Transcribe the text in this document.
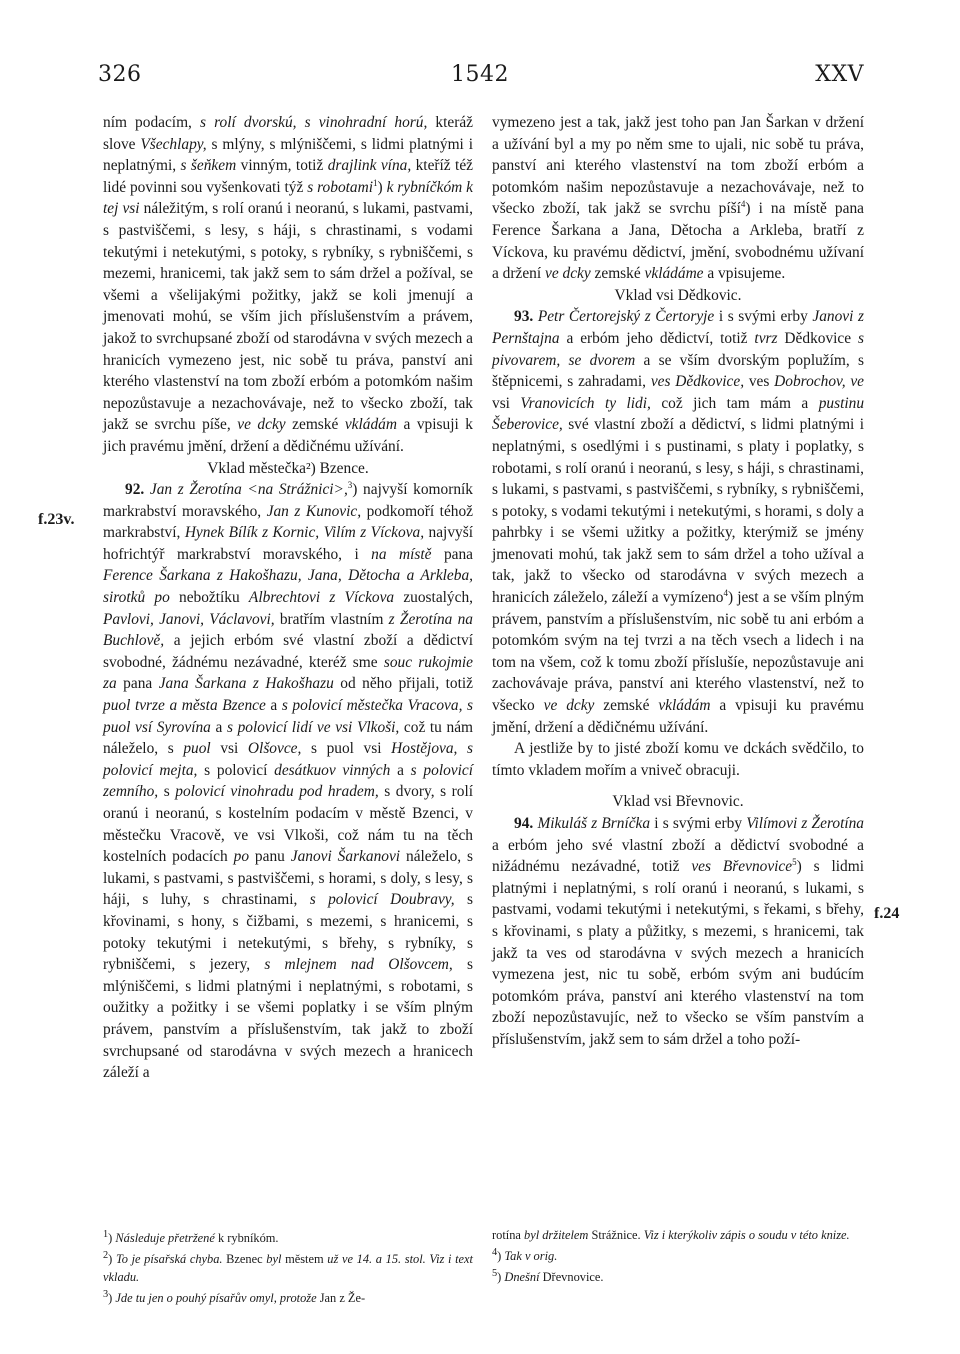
326	1542	XXV
f.23v.
f.24

ním podacím, s rolí dvorskú, s vinohradní horú, kteráž slove Všechlapy, s mlýny, s mlýniščemi, s lidmi platnými i neplatnými, s šeňkem vinným, totiž drajlink vína, kteříž též lidé povinni sou vyšenkovati týž s robotami$^1$) k rybníčkóm k tej vsi náležitým, s rolí oranú i neoranú, s lukami, pastvami, s pastviščemi, s lesy, s háji, s chrastinami, s vodami tekutými i netekutými, s potoky, s rybníky, s rybniščemi, s mezemi, hranicemi, tak jakž sem to sám držel a požíval, se všemi a všelijakými požitky, jakž se koli jmenují a jmenovati mohú, se vším jich příslušenstvím a právem, jakož to svrchupsané zboží od starodávna v svých mezech a hranicích vymezeno jest, nic sobě tu práva, panství ani kterého vlastenství na tom zboží erbóm a potomkóm našim nepozůstavuje a nezachovávaje, než to všecko zboží, tak jakž se svrchu píše, ve dcky zemské vkládám a vpisuji k jich pravému jmění, držení a dědičnému užívání.

Vklad městečka²) Bzence.

92. Jan z Žerotína <na Strážnici>,$^3$) najvyší komorník markrabství moravského, Jan z Kunovic, podkomoří téhož markrabství, Hynek Bílík z Kornic, Vilím z Víckova, najvyší hofrichtýř markrabství moravského, i na místě pana Ference Šarkana z Hakošhazu, Jana, Dětocha a Arkleba, sirotků po nebožtíku Albrechtovi z Víckova zuostalých, Pavlovi, Janovi, Václavovi, bratřím vlastním z Žerotína na Buchlově, a jejich erbóm své vlastní zboží a dědictví svobodné, žádnému nezávadné, kteréž sme souc rukojmie za pana Jana Šarkana z Hakošhazu od něho přijali, totiž puol tvrze a města Bzence a s polovicí městečka Vracova, s puol vsí Syrovína a s polovicí lidí ve vsi Vlkoši, což tu nám náleželo, s puol vsi Olšovce, s puol vsi Hostějova, s polovicí mejta, s polovicí desátkuov vinných a s polovicí zemního, s polovicí vinohradu pod hradem, s dvory, s rolí oranú i neoranú, s kostelním podacím v městě Bzenci, v městečku Vracově, ve vsi Vlkoši, což nám tu na těch kostelních podacích po panu Janovi Šarkanovi náleželo, s lukami, s pastvami, s pastviščemi, s horami, s doly, s lesy, s háji, s luhy, s chrastinami, s polovicí Doubravy, s křovinami, s hony, s čižbami, s mezemi, s hranicemi, s potoky tekutými i netekutými, s břehy, s rybníky, s rybniščemi, s jezery, s mlejnem nad Olšovcem, s mlýniščemi, s lidmi platnými i neplatnými, s robotami, s oužitky a požitky i se všemi poplatky i se vším plným právem, panstvím a příslušenstvím, tak jakž to zboží svrchupsané od starodávna v svých mezech a hranicech záleží a

vymezeno jest a tak, jakž jest toho pan Jan Šarkan v držení a užívání byl a my po něm sme to ujali, nic sobě tu práva, panství ani kterého vlastenství na tom zboží erbóm a potomkóm našim nepozůstavuje a nezachovávaje, než to všecko zboží, tak jakž se svrchu píší$^4$) i na místě pana Ference Šarkana a Jana, Dětocha a Arkleba, bratří z Víckova, ku pravému dědictví, jmění, svobodnému užívaní a držení ve dcky zemské vkládáme a vpisujeme.

Vklad vsi Dědkovic.

93. Petr Čertorejský z Čertoryje i s svými erby Janovi z Pernštajna a erbóm jeho dědictví, totiž tvrz Dědkovice s pivovarem, se dvorem a se vším dvorským poplužím, s štěpnicemi, s zahradami, ves Dědkovice, ves Dobrochov, ve vsi Vranovicích ty lidi, což jich tam mám a pustinu Šeberovice, své vlastní zboží a dědictví, s lidmi platnými i neplatnými, s osedlými i s pustinami, s platy i poplatky, s robotami, s rolí oranú i neoranú, s lesy, s háji, s chrastinami, s lukami, s pastvami, s pastviščemi, s rybníky, s rybniščemi, s potoky, s vodami tekutými i netekutými, s horami, s doly a pahrbky i se všemi užitky a požitky, kterýmiž se jmény jmenovati mohú, tak jakž sem to sám držel a toho užíval a tak, jakž to všecko od starodávna v svých mezech a hranicích záleželo, záleží a vymízeno$^4$) jest a se vším plným právem, panstvím a příslušenstvím, nic sobě tu ani erbóm a potomkóm svým na tej tvrzi a na těch vsech a lidech i na tom na všem, což k tomu zboží příslušíe, nepozůstavuje ani zachovávaje práva, panství ani kterého vlastenství, než to všecko ve dcky zemské vkládám a vpisuji ku pravému jmění, držení a dědičnému užívání.

A jestliže by to jisté zboží komu ve dckách svědčilo, to tímto vkladem mořím a vnivеč obracuji.

Vklad vsi Břevnovic.

94. Mikuláš z Brníčka i s svými erby Vilímovi z Žerotína a erbóm jeho své vlastní zboží a dědictví svobodné a nižádnému nezávadné, totiž ves Břevnovice$^5$) s lidmi platnými i neplatnými, s rolí oranú i neoranú, s lukami, s pastvami, vodami tekutými i netekutými, s řekami, s břehy, s křovinami, s platy a půžitky, s mezemi, s hranicemi, tak jakž ta ves od starodávna v svých mezech a hranicích vymezena jest, nic tu sobě, erbóm svým ani budúcím potomkóm práva, panství ani kterého vlastenství na tom zboží nepozůstavujíc, než to všecko se vším panstvím a příslušenstvím, jakž sem to sám držel a toho poží-

$^1$) Následuje přetržené k rybníkóm.

$^2$) To je písařská chyba. Bzenec byl městem už ve 14. a 15. stol. Viz i text vkladu.

$^3$) Jde tu jen o pouhý písařův omyl, protože Jan z Že-

rotína byl držitelem Strážnice. Viz i kterýkoliv zápis o soudu v této knize.

$^4$) Tak v orig.

$^5$) Dnešní Dřevnovice.
